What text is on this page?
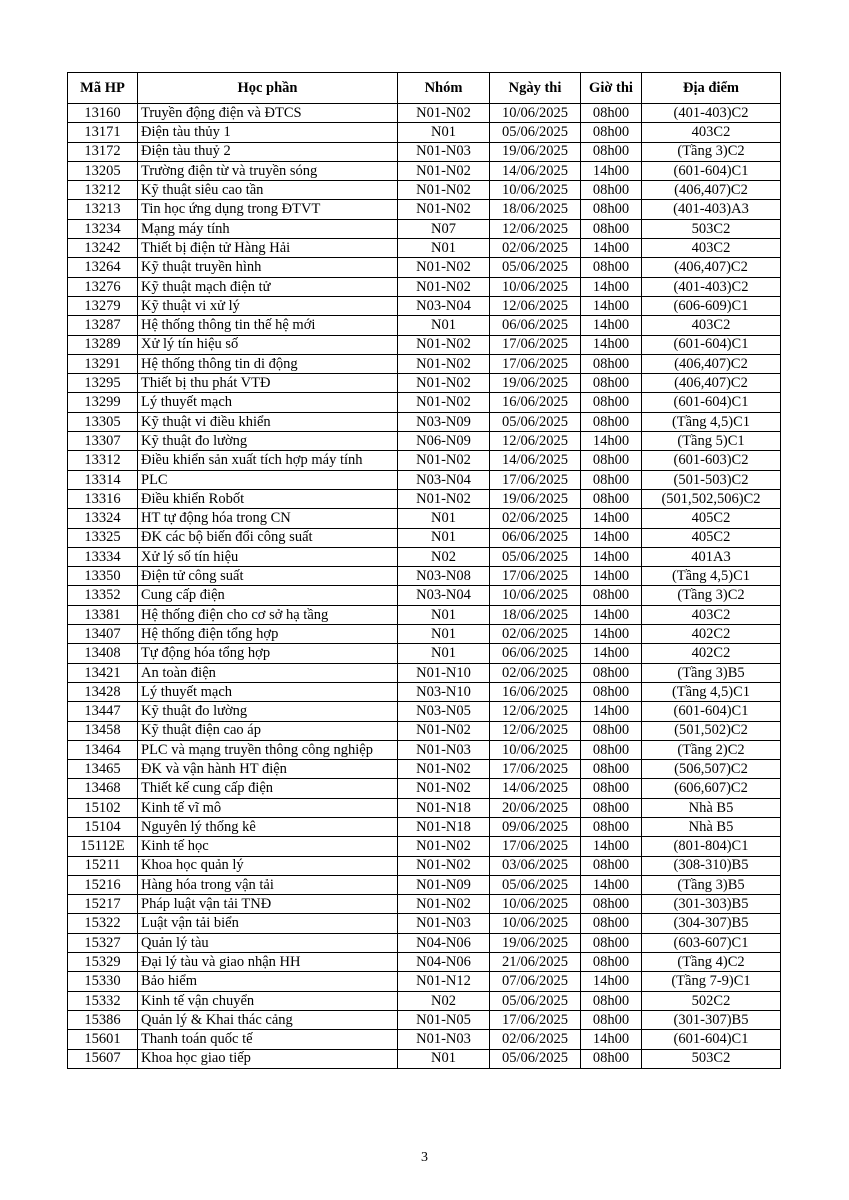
Mã HP	Học phần	Nhóm	Ngày thi	Giờ thi	Địa điểm
13160	Truyền động điện và ĐTCS	N01-N02	10/06/2025	08h00	(401-403)C2
13171	Điện tàu thủy 1	N01	05/06/2025	08h00	403C2
13172	Điện tàu thuỷ 2	N01-N03	19/06/2025	08h00	(Tầng 3)C2
13205	Trường điện từ và truyền sóng	N01-N02	14/06/2025	14h00	(601-604)C1
13212	Kỹ thuật siêu cao tần	N01-N02	10/06/2025	08h00	(406,407)C2
13213	Tin học ứng dụng trong ĐTVT	N01-N02	18/06/2025	08h00	(401-403)A3
13234	Mạng máy tính	N07	12/06/2025	08h00	503C2
13242	Thiết bị điện tử Hàng Hải	N01	02/06/2025	14h00	403C2
13264	Kỹ thuật truyền hình	N01-N02	05/06/2025	08h00	(406,407)C2
13276	Kỹ thuật mạch điện tử	N01-N02	10/06/2025	14h00	(401-403)C2
13279	Kỹ thuật vi xử lý	N03-N04	12/06/2025	14h00	(606-609)C1
13287	Hệ thống thông tin thế hệ mới	N01	06/06/2025	14h00	403C2
13289	Xử lý tín hiệu số	N01-N02	17/06/2025	14h00	(601-604)C1
13291	Hệ thống thông tin di động	N01-N02	17/06/2025	08h00	(406,407)C2
13295	Thiết bị thu phát VTĐ	N01-N02	19/06/2025	08h00	(406,407)C2
13299	Lý thuyết mạch	N01-N02	16/06/2025	08h00	(601-604)C1
13305	Kỹ thuật vi điều khiển	N03-N09	05/06/2025	08h00	(Tầng 4,5)C1
13307	Kỹ thuật đo lường	N06-N09	12/06/2025	14h00	(Tầng 5)C1
13312	Điều khiển sản xuất tích hợp máy tính	N01-N02	14/06/2025	08h00	(601-603)C2
13314	PLC	N03-N04	17/06/2025	08h00	(501-503)C2
13316	Điều khiển Robốt	N01-N02	19/06/2025	08h00	(501,502,506)C2
13324	HT tự động hóa trong CN	N01	02/06/2025	14h00	405C2
13325	ĐK các bộ biến đổi công suất	N01	06/06/2025	14h00	405C2
13334	Xử lý số tín hiệu	N02	05/06/2025	14h00	401A3
13350	Điện tử công suất	N03-N08	17/06/2025	14h00	(Tầng 4,5)C1
13352	Cung cấp điện	N03-N04	10/06/2025	08h00	(Tầng 3)C2
13381	Hệ thống điện cho cơ sở hạ tầng	N01	18/06/2025	14h00	403C2
13407	Hệ thống điện tổng hợp	N01	02/06/2025	14h00	402C2
13408	Tự động hóa tổng hợp	N01	06/06/2025	14h00	402C2
13421	An toàn điện	N01-N10	02/06/2025	08h00	(Tầng 3)B5
13428	Lý thuyết mạch	N03-N10	16/06/2025	08h00	(Tầng 4,5)C1
13447	Kỹ thuật đo lường	N03-N05	12/06/2025	14h00	(601-604)C1
13458	Kỹ thuật điện cao áp	N01-N02	12/06/2025	08h00	(501,502)C2
13464	PLC và mạng truyền thông công nghiệp	N01-N03	10/06/2025	08h00	(Tầng 2)C2
13465	ĐK và vận hành HT điện	N01-N02	17/06/2025	08h00	(506,507)C2
13468	Thiết kế cung cấp điện	N01-N02	14/06/2025	08h00	(606,607)C2
15102	Kinh tế vĩ mô	N01-N18	20/06/2025	08h00	Nhà B5
15104	Nguyên lý thống kê	N01-N18	09/06/2025	08h00	Nhà B5
15112E	Kinh tế học	N01-N02	17/06/2025	14h00	(801-804)C1
15211	Khoa học quản lý	N01-N02	03/06/2025	08h00	(308-310)B5
15216	Hàng hóa trong vận tải	N01-N09	05/06/2025	14h00	(Tầng 3)B5
15217	Pháp luật vận tải TNĐ	N01-N02	10/06/2025	08h00	(301-303)B5
15322	Luật vận tải biển	N01-N03	10/06/2025	08h00	(304-307)B5
15327	Quản lý tàu	N04-N06	19/06/2025	08h00	(603-607)C1
15329	Đại lý tàu và giao nhận HH	N04-N06	21/06/2025	08h00	(Tầng 4)C2
15330	Bảo hiểm	N01-N12	07/06/2025	14h00	(Tầng 7-9)C1
15332	Kinh tế vận chuyển	N02	05/06/2025	08h00	502C2
15386	Quản lý & Khai thác cảng	N01-N05	17/06/2025	08h00	(301-307)B5
15601	Thanh toán quốc tế	N01-N03	02/06/2025	14h00	(601-604)C1
15607	Khoa học giao tiếp	N01	05/06/2025	08h00	503C2
3
